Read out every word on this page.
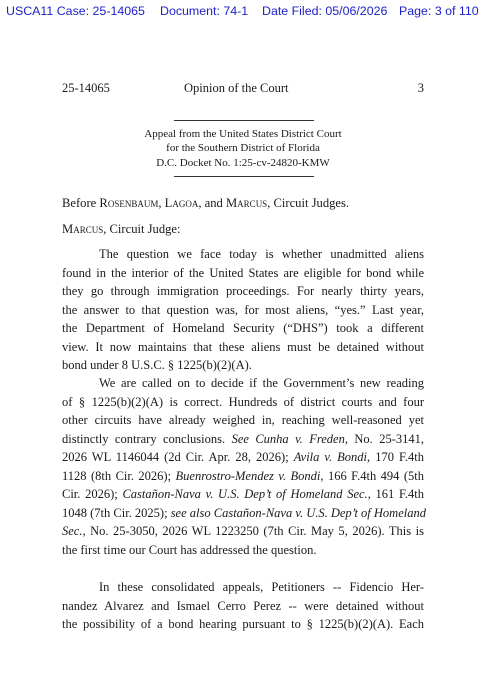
USCA11 Case: 25-14065 Document: 74-1 Date Filed: 05/06/2026 Page: 3 of 110
25-14065	Opinion of the Court	3
Appeal from the United States District Court
for the Southern District of Florida
D.C. Docket No. 1:25-cv-24820-KMW
Before Rosenbaum, Lagoa, and Marcus, Circuit Judges.
Marcus, Circuit Judge:
The question we face today is whether unadmitted aliens
found in the interior of the United States are eligible for bond while
they go through immigration proceedings. For nearly thirty years,
the answer to that question was, for most aliens, “yes.” Last year,
the Department of Homeland Security (“DHS”) took a different
view. It now maintains that these aliens must be detained without
bond under 8 U.S.C. § 1225(b)(2)(A).
We are called on to decide if the Government’s new reading
of § 1225(b)(2)(A) is correct. Hundreds of district courts and four
other circuits have already weighed in, reaching well-reasoned yet
distinctly contrary conclusions. See Cunha v. Freden, No. 25-3141,
2026 WL 1146044 (2d Cir. Apr. 28, 2026); Avila v. Bondi, 170 F.4th
1128 (8th Cir. 2026); Buenrostro-Mendez v. Bondi, 166 F.4th 494 (5th
Cir. 2026); Castañon-Nava v. U.S. Dep’t of Homeland Sec., 161 F.4th
1048 (7th Cir. 2025); see also Castañon-Nava v. U.S. Dep’t of Homeland
Sec., No. 25-3050, 2026 WL 1223250 (7th Cir. May 5, 2026). This is
the first time our Court has addressed the question.
In these consolidated appeals, Petitioners -- Fidencio Her-
nandez Alvarez and Ismael Cerro Perez -- were detained without
the possibility of a bond hearing pursuant to § 1225(b)(2)(A). Each
